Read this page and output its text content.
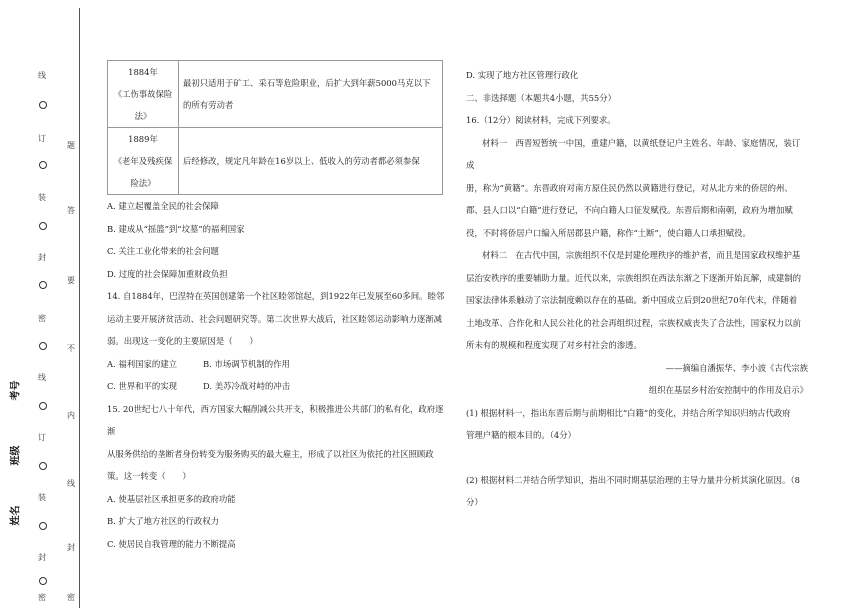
线
订
装
封
密
线
订
装
封
密
题
答
要
不
内
线
封
密
姓名
班级
考号
1884年
《工伤事故保险法》	最初只适用于矿工、采石等危险职业，后扩大到年薪5000马克以下的所有劳动者

1889年
《老年及残疾保险法》	后经修改，规定凡年龄在16岁以上、低收入的劳动者都必须参保

A. 建立起覆盖全民的社会保障

B. 建成从“摇篮”到“坟墓”的福利国家

C. 关注工业化带来的社会问题

D. 过度的社会保障加重财政负担

14. 自1884年，巴涅特在英国创建第一个社区睦邻馆起，到1922年已发展至60多间。睦邻

运动主要开展济贫活动、社会问题研究等。第二次世界大战后，社区睦邻运动影响力逐渐减

弱。出现这一变化的主要原因是（　　）

A. 福利国家的建立	B. 市场调节机制的作用

C. 世界和平的实现	D. 美苏冷战对峙的冲击

15. 20世纪七八十年代，西方国家大幅削减公共开支，积极推进公共部门的私有化，政府逐渐

从服务供给的垄断者身份转变为服务购买的最大雇主，形成了以社区为依托的社区照顾政

策。这一转变（　　）

A. 使基层社区承担更多的政府功能

B. 扩大了地方社区的行政权力

C. 使居民自我管理的能力不断提高

D. 实现了地方社区管理行政化

二、非选择题（本题共4小题，共55分）

16.（12分）阅读材料，完成下列要求。

材料一　西晋短暂统一中国，重建户籍，以黄纸登记户主姓名、年龄、家庭情况，装订成

册，称为“黄籍”。东晋政府对南方原住民仍然以黄籍进行登记，对从北方来的侨居的州、

郡、县人口以“白籍”进行登记，不向白籍人口征发赋役。东晋后期和南朝，政府为增加赋

役，不时将侨居户口编入所居郡县户籍，称作“土断”，使白籍人口承担赋役。

材料二　在古代中国，宗族组织不仅是封建伦理秩序的维护者，而且是国家政权维护基

层治安秩序的重要辅助力量。近代以来，宗族组织在西法东渐之下逐渐开始瓦解，成建制的

国家法律体系触动了宗法制度赖以存在的基础。新中国成立后到20世纪70年代末，伴随着

土地改革、合作化和人民公社化的社会再组织过程，宗族权威丧失了合法性，国家权力以前

所未有的规模和程度实现了对乡村社会的渗透。

——摘编自潘振华、李小波《古代宗族

组织在基层乡村治安控制中的作用及启示》

(1) 根据材料一，指出东晋后期与前期相比“白籍”的变化，并结合所学知识归纳古代政府

管理户籍的根本目的。（4分）

(2) 根据材料二并结合所学知识，指出不同时期基层治理的主导力量并分析其演化原因。（8

分）
